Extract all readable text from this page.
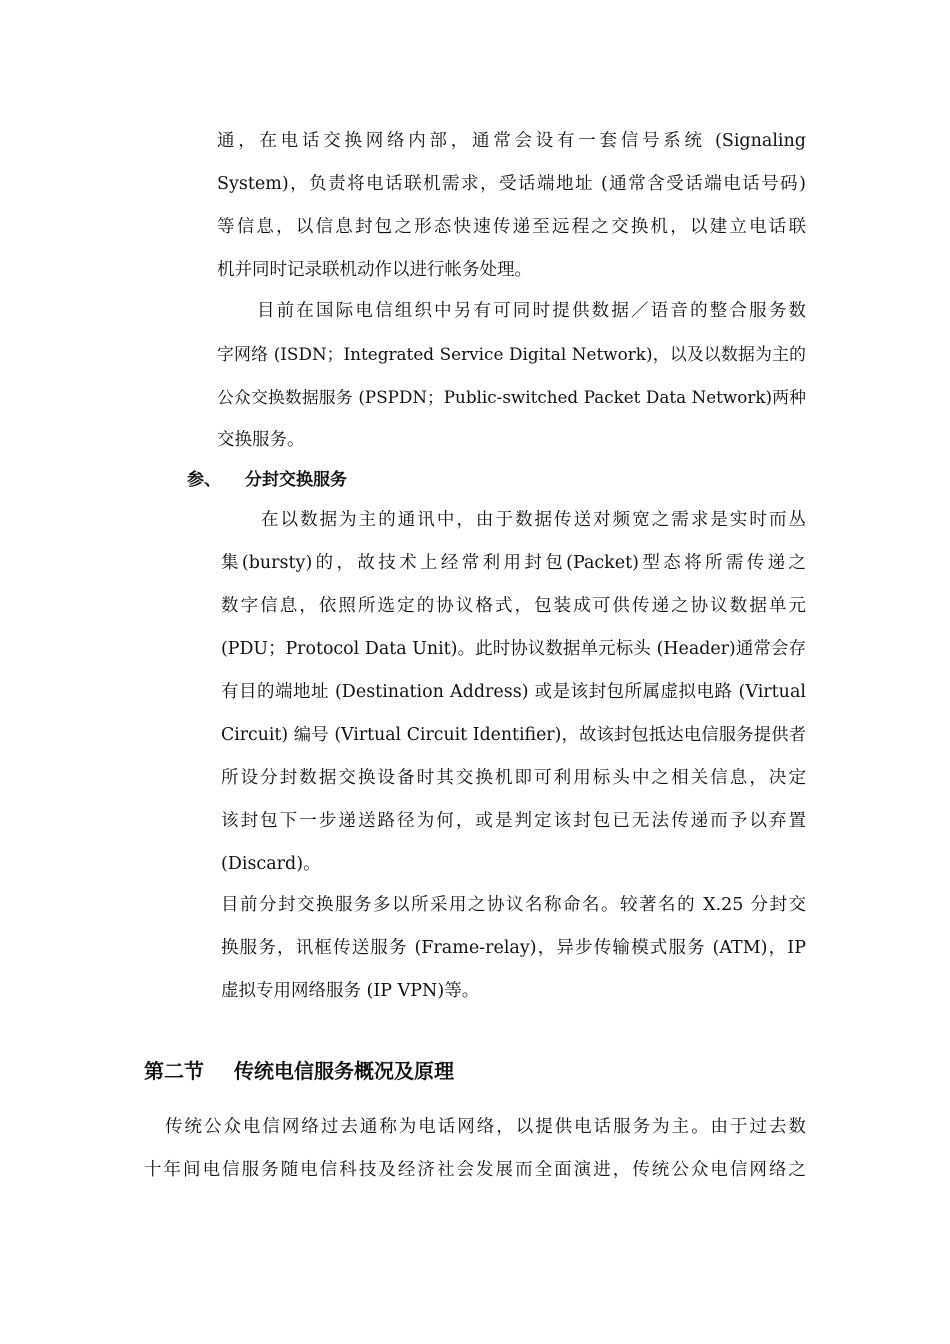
通，在电话交换网络内部，通常会设有一套信号系统 (Signaling
System)，负责将电话联机需求，受话端地址 (通常含受话端电话号码)
等信息，以信息封包之形态快速传递至远程之交换机，以建立电话联
机并同时记录联机动作以进行帐务处理。
目前在国际电信组织中另有可同时提供数据／语音的整合服务数
字网络 (ISDN；Integrated Service Digital Network)，以及以数据为主的
公众交换数据服务 (PSPDN；Public-switched Packet Data Network)两种
交换服务。
参、 分封交换服务
在以数据为主的通讯中，由于数据传送对频宽之需求是实时而丛
集(bursty)的，故技术上经常利用封包(Packet)型态将所需传递之
数字信息，依照所选定的协议格式，包装成可供传递之协议数据单元
(PDU；Protocol Data Unit)。此时协议数据单元标头 (Header)通常会存
有目的端地址 (Destination Address) 或是该封包所属虚拟电路 (Virtual
Circuit) 编号 (Virtual Circuit Identifier)，故该封包抵达电信服务提供者
所设分封数据交换设备时其交换机即可利用标头中之相关信息，决定
该封包下一步递送路径为何，或是判定该封包已无法传递而予以弃置
(Discard)。
目前分封交换服务多以所采用之协议名称命名。较著名的 X.25 分封交
换服务，讯框传送服务 (Frame-relay)，异步传输模式服务 (ATM)，IP
虚拟专用网络服务 (IP VPN)等。
第二节 传统电信服务概况及原理
传统公众电信网络过去通称为电话网络，以提供电话服务为主。由于过去数
十年间电信服务随电信科技及经济社会发展而全面演进，传统公众电信网络之
